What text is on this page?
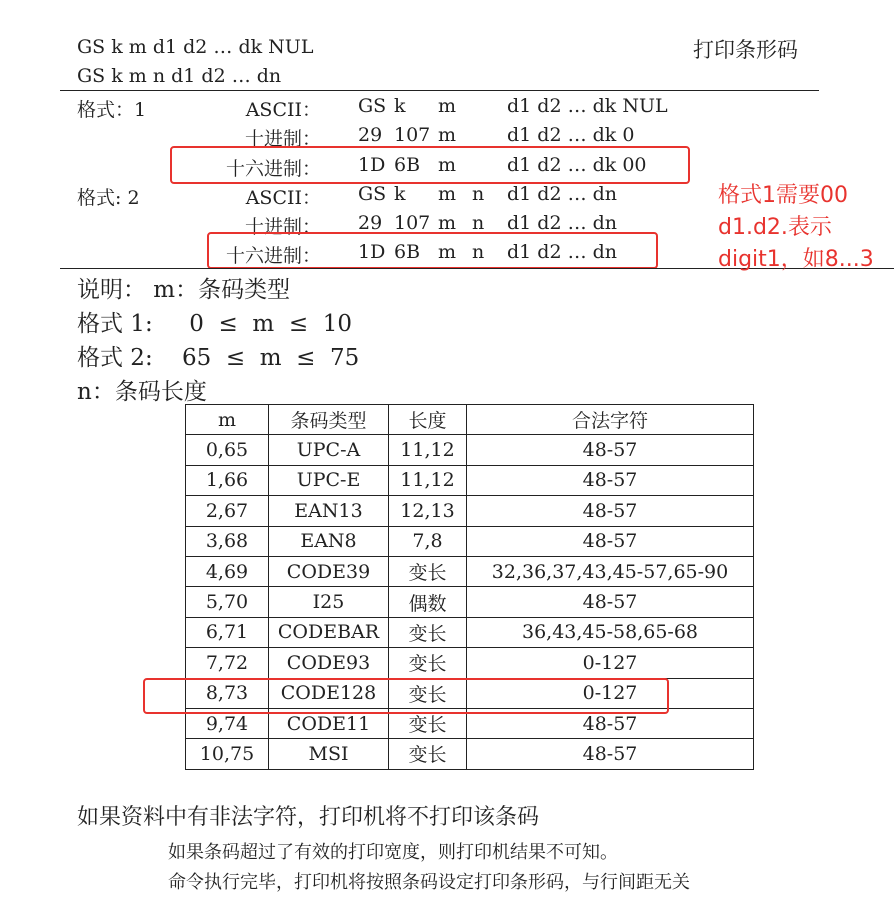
GS k m d1 d2 … dk NUL
GS k m n d1 d2 … dn
打印条形码
格式：1	ASCII： GS k m	d1 d2 … dk NUL
十进制： 29 107 m	d1 d2 … dk 0
十六进制： 1D 6B m	d1 d2 … dk 00
格式: 2	ASCII： GS k m n d1 d2 … dn
十进制： 29 107 m n d1 d2 … dn
十六进制： 1D 6B m n d1 d2 … dn
格式1需要00
d1.d2.表示
digit1，如8...3
说明： m：条码类型
格式 1:     0  ≤  m  ≤  10
格式 2:    65  ≤  m  ≤  75
n：条码长度
m	条码类型	长度	合法字符
0,65	UPC-A	11,12	48-57
1,66	UPC-E	11,12	48-57
2,67	EAN13	12,13	48-57
3,68	EAN8	7,8	48-57
4,69	CODE39	变长	32,36,37,43,45-57,65-90
5,70	I25	偶数	48-57
6,71	CODEBAR	变长	36,43,45-58,65-68
7,72	CODE93	变长	0-127
8,73	CODE128	变长	0-127
9,74	CODE11	变长	48-57
10,75	MSI	变长	48-57
如果资料中有非法字符，打印机将不打印该条码
如果条码超过了有效的打印宽度，则打印机结果不可知。
命令执行完毕，打印机将按照条码设定打印条形码，与行间距无关
